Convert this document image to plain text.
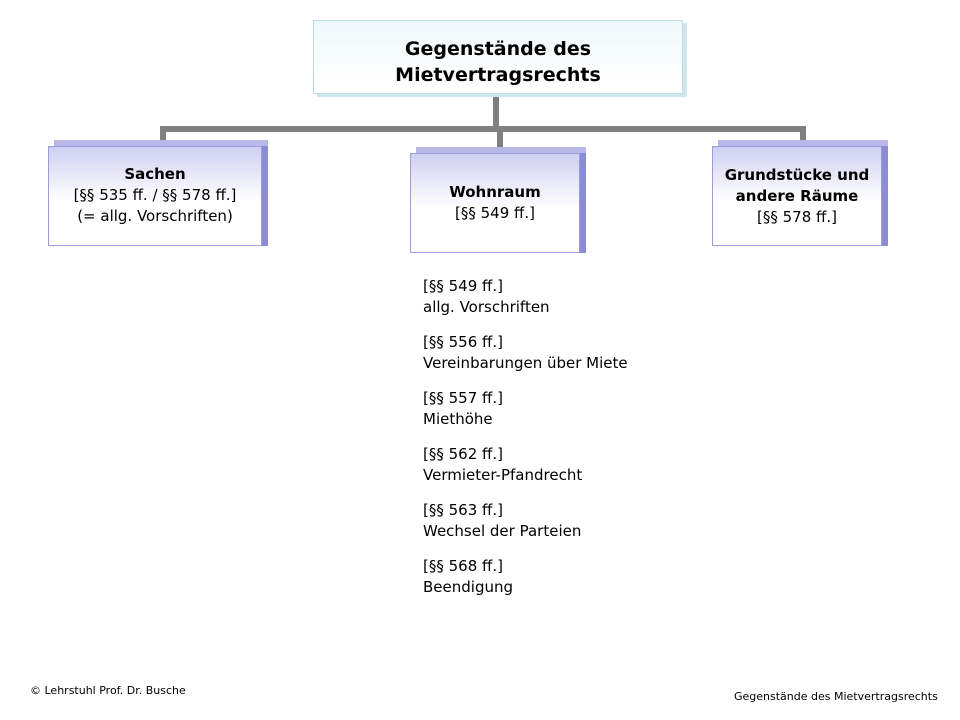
Gegenstände des
Mietvertragsrechts
Sachen
[§§ 535 ff. / §§ 578 ff.]
(= allg. Vorschriften)
Wohnraum
[§§ 549 ff.]
Grundstücke und
andere Räume
[§§ 578 ff.]
[§§ 549 ff.]
allg. Vorschriften
[§§ 556 ff.]
Vereinbarungen über Miete
[§§ 557 ff.]
Miethöhe
[§§ 562 ff.]
Vermieter-Pfandrecht
[§§ 563 ff.]
Wechsel der Parteien
[§§ 568 ff.]
Beendigung
© Lehrstuhl Prof. Dr. Busche	Gegenstände des Mietvertragsrechts
